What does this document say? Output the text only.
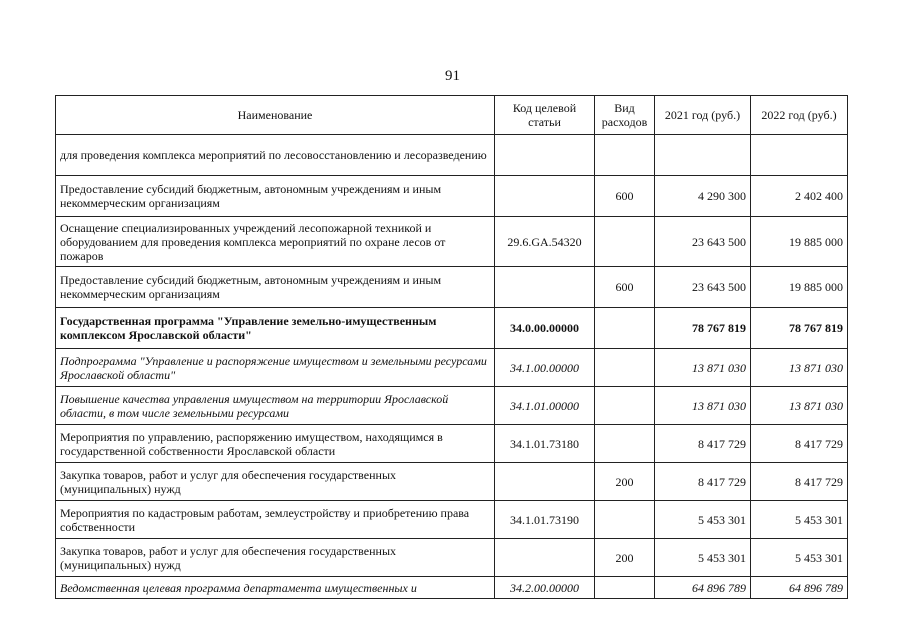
91
Наименование	Код целевой статьи	Вид расходов	2021 год (руб.)	2022 год (руб.)
для проведения комплекса мероприятий по лесовосстановлению и лесоразведению				
Предоставление субсидий бюджетным, автономным учреждениям и иным некоммерческим организациям		600	4 290 300	2 402 400
Оснащение специализированных учреждений лесопожарной техникой и оборудованием для проведения комплекса мероприятий по охране лесов от пожаров	29.6.GA.54320		23 643 500	19 885 000
Предоставление субсидий бюджетным, автономным учреждениям и иным некоммерческим организациям		600	23 643 500	19 885 000
Государственная программа "Управление земельно-имущественным комплексом Ярославской области"	34.0.00.00000		78 767 819	78 767 819
Подпрограмма "Управление и распоряжение имуществом и земельными ресурсами Ярославской области"	34.1.00.00000		13 871 030	13 871 030
Повышение качества управления имуществом на территории Ярославской области, в том числе земельными ресурсами	34.1.01.00000		13 871 030	13 871 030
Мероприятия по управлению, распоряжению имуществом, находящимся в государственной собственности Ярославской области	34.1.01.73180		8 417 729	8 417 729
Закупка товаров, работ и услуг для обеспечения государственных (муниципальных) нужд		200	8 417 729	8 417 729
Мероприятия по кадастровым работам, землеустройству и приобретению права собственности	34.1.01.73190		5 453 301	5 453 301
Закупка товаров, работ и услуг для обеспечения государственных (муниципальных) нужд		200	5 453 301	5 453 301
Ведомственная целевая программа департамента имущественных и	34.2.00.00000		64 896 789	64 896 789
